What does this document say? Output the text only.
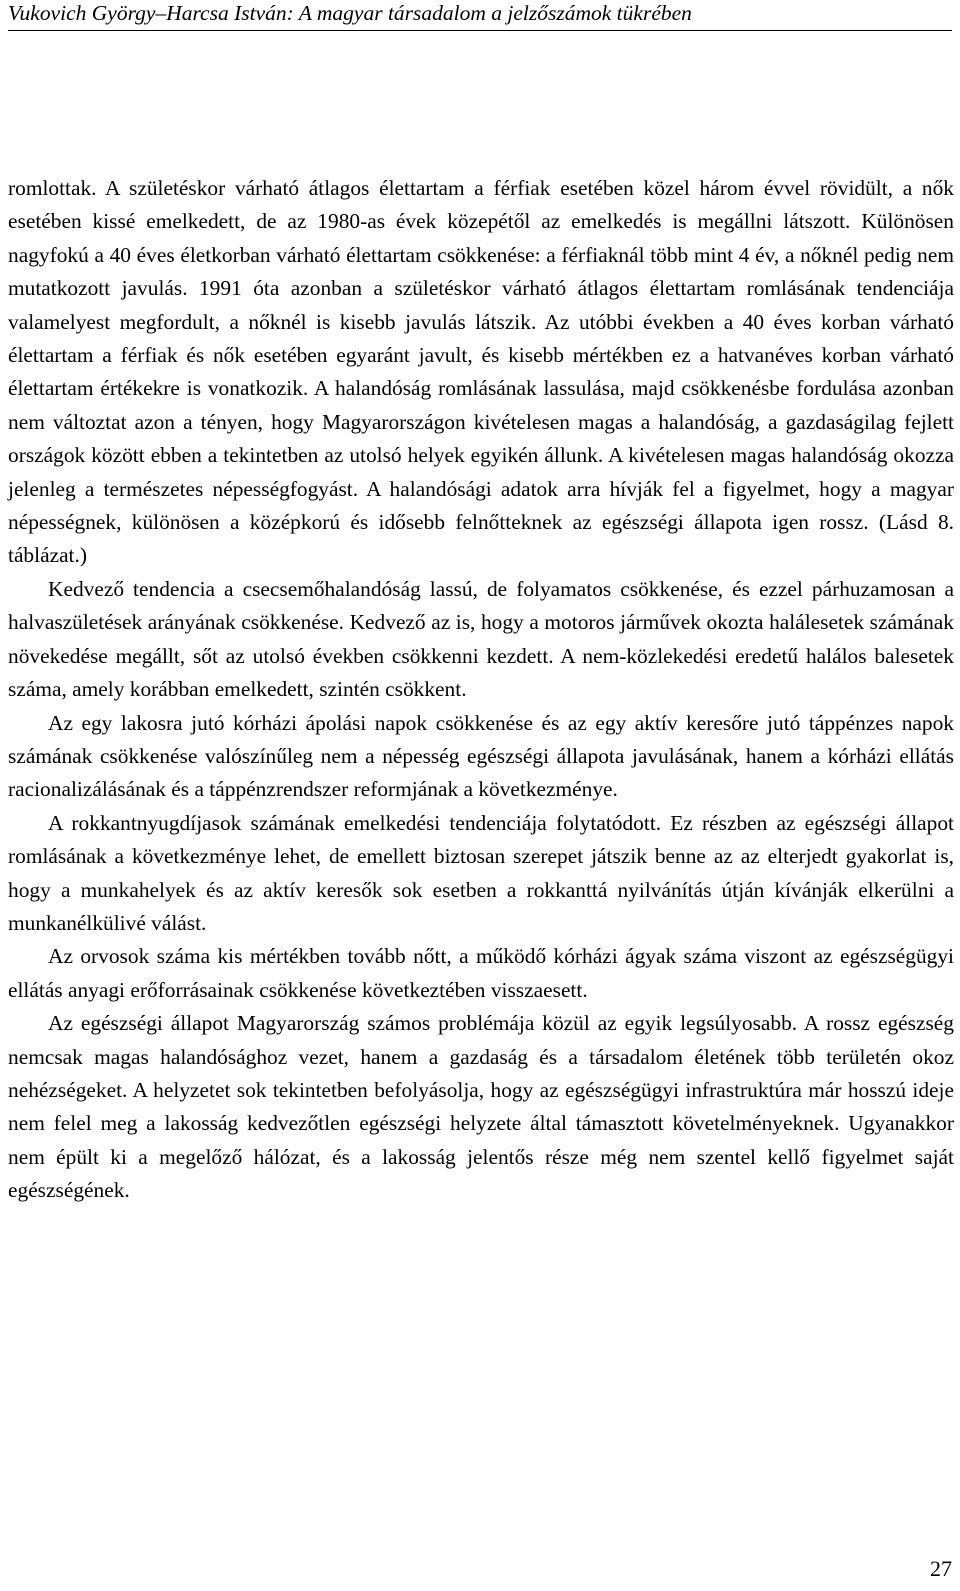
Vukovich György–Harcsa István: A magyar társadalom a jelzőszámok tükrében

romlottak. A születéskor várható átlagos élettartam a férfiak esetében közel három évvel rövidült, a nők esetében kissé emelkedett, de az 1980-as évek közepétől az emelkedés is megállni látszott. Különösen nagyfokú a 40 éves életkorban várható élettartam csökkenése: a férfiaknál több mint 4 év, a nőknél pedig nem mutatkozott javulás. 1991 óta azonban a születéskor várható átlagos élettartam romlásának tendenciája valamelyest megfordult, a nőknél is kisebb javulás látszik. Az utóbbi években a 40 éves korban várható élettartam a férfiak és nők esetében egyaránt javult, és kisebb mértékben ez a hatvanéves korban várható élettartam értékekre is vonatkozik. A halandóság romlásának lassulása, majd csökkenésbe fordulása azonban nem változtat azon a tényen, hogy Magyarországon kivételesen magas a halandóság, a gazdaságilag fejlett országok között ebben a tekintetben az utolsó helyek egyikén állunk. A kivételesen magas halandóság okozza jelenleg a természetes népességfogyást. A halandósági adatok arra hívják fel a figyelmet, hogy a magyar népességnek, különösen a középkorú és idősebb felnőtteknek az egészségi állapota igen rossz. (Lásd 8. táblázat.)

Kedvező tendencia a csecsemőhalandóság lassú, de folyamatos csökkenése, és ezzel párhuzamosan a halvaszületések arányának csökkenése. Kedvező az is, hogy a motoros járművek okozta halálesetek számának növekedése megállt, sőt az utolsó években csökkenni kezdett. A nem-közlekedési eredetű halálos balesetek száma, amely korábban emelkedett, szintén csökkent.

Az egy lakosra jutó kórházi ápolási napok csökkenése és az egy aktív keresőre jutó táppénzes napok számának csökkenése valószínűleg nem a népesség egészségi állapota javulásának, hanem a kórházi ellátás racionalizálásának és a táppénzrendszer reformjának a következménye.

A rokkantnyugdíjasok számának emelkedési tendenciája folytatódott. Ez részben az egészségi állapot romlásának a következménye lehet, de emellett biztosan szerepet játszik benne az az elterjedt gyakorlat is, hogy a munkahelyek és az aktív keresők sok esetben a rokkanttá nyilvánítás útján kívánják elkerülni a munkanélkülivé válást.

Az orvosok száma kis mértékben tovább nőtt, a működő kórházi ágyak száma viszont az egészségügyi ellátás anyagi erőforrásainak csökkenése következtében visszaesett.

Az egészségi állapot Magyarország számos problémája közül az egyik legsúlyosabb. A rossz egészség nemcsak magas halandósághoz vezet, hanem a gazdaság és a társadalom életének több területén okoz nehézségeket. A helyzetet sok tekintetben befolyásolja, hogy az egészségügyi infrastruktúra már hosszú ideje nem felel meg a lakosság kedvezőtlen egészségi helyzete által támasztott követelményeknek. Ugyanakkor nem épült ki a megelőző hálózat, és a lakosság jelentős része még nem szentel kellő figyelmet saját egészségének.

27
